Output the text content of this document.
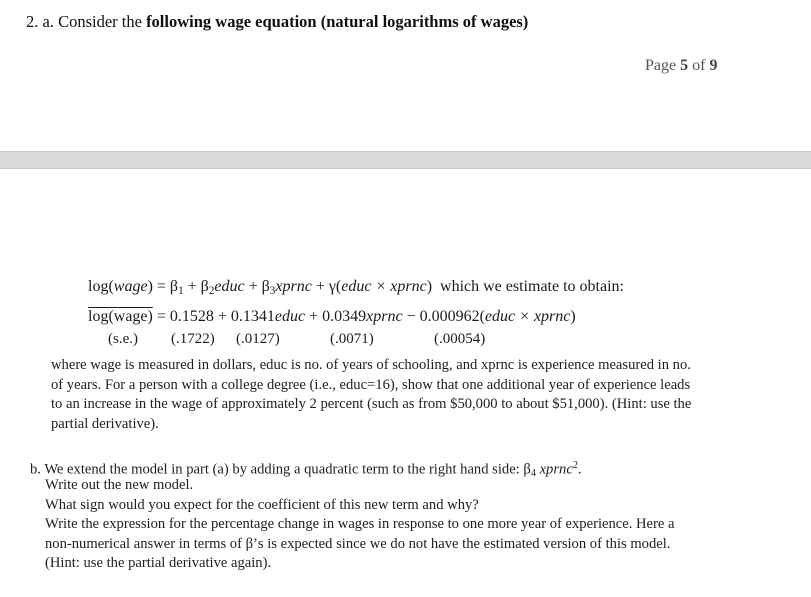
2. a. Consider the following wage equation (natural logarithms of wages)
Page 5 of 9
log(wage) = $\beta_1$ + $\beta_2educ$ + $\beta_3xprnc$ + γ(educ × xprnc) which we estimate to obtain:
log(wage) = 0.1528 + 0.1341educ + 0.0349xprnc − 0.000962(educ × xprnc)
(s.e.) (.1722) (.0127)	(.0071)	(.00054)
where wage is measured in dollars, educ is no. of years of schooling, and xprnc is experience measured in no.
of years. For a person with a college degree (i.e., educ=16), show that one additional year of experience leads
to an increase in the wage of approximately 2 percent (such as from $50,000 to about $51,000). (Hint: use the
partial derivative).
b. We extend the model in part (a) by adding a quadratic term to the right hand side: $\beta_4$ xprnc$^2$.
Write out the new model.
What sign would you expect for the coefficient of this new term and why?
Write the expression for the percentage change in wages in response to one more year of experience. Here a
non-numerical answer in terms of β’s is expected since we do not have the estimated version of this model.
(Hint: use the partial derivative again).
